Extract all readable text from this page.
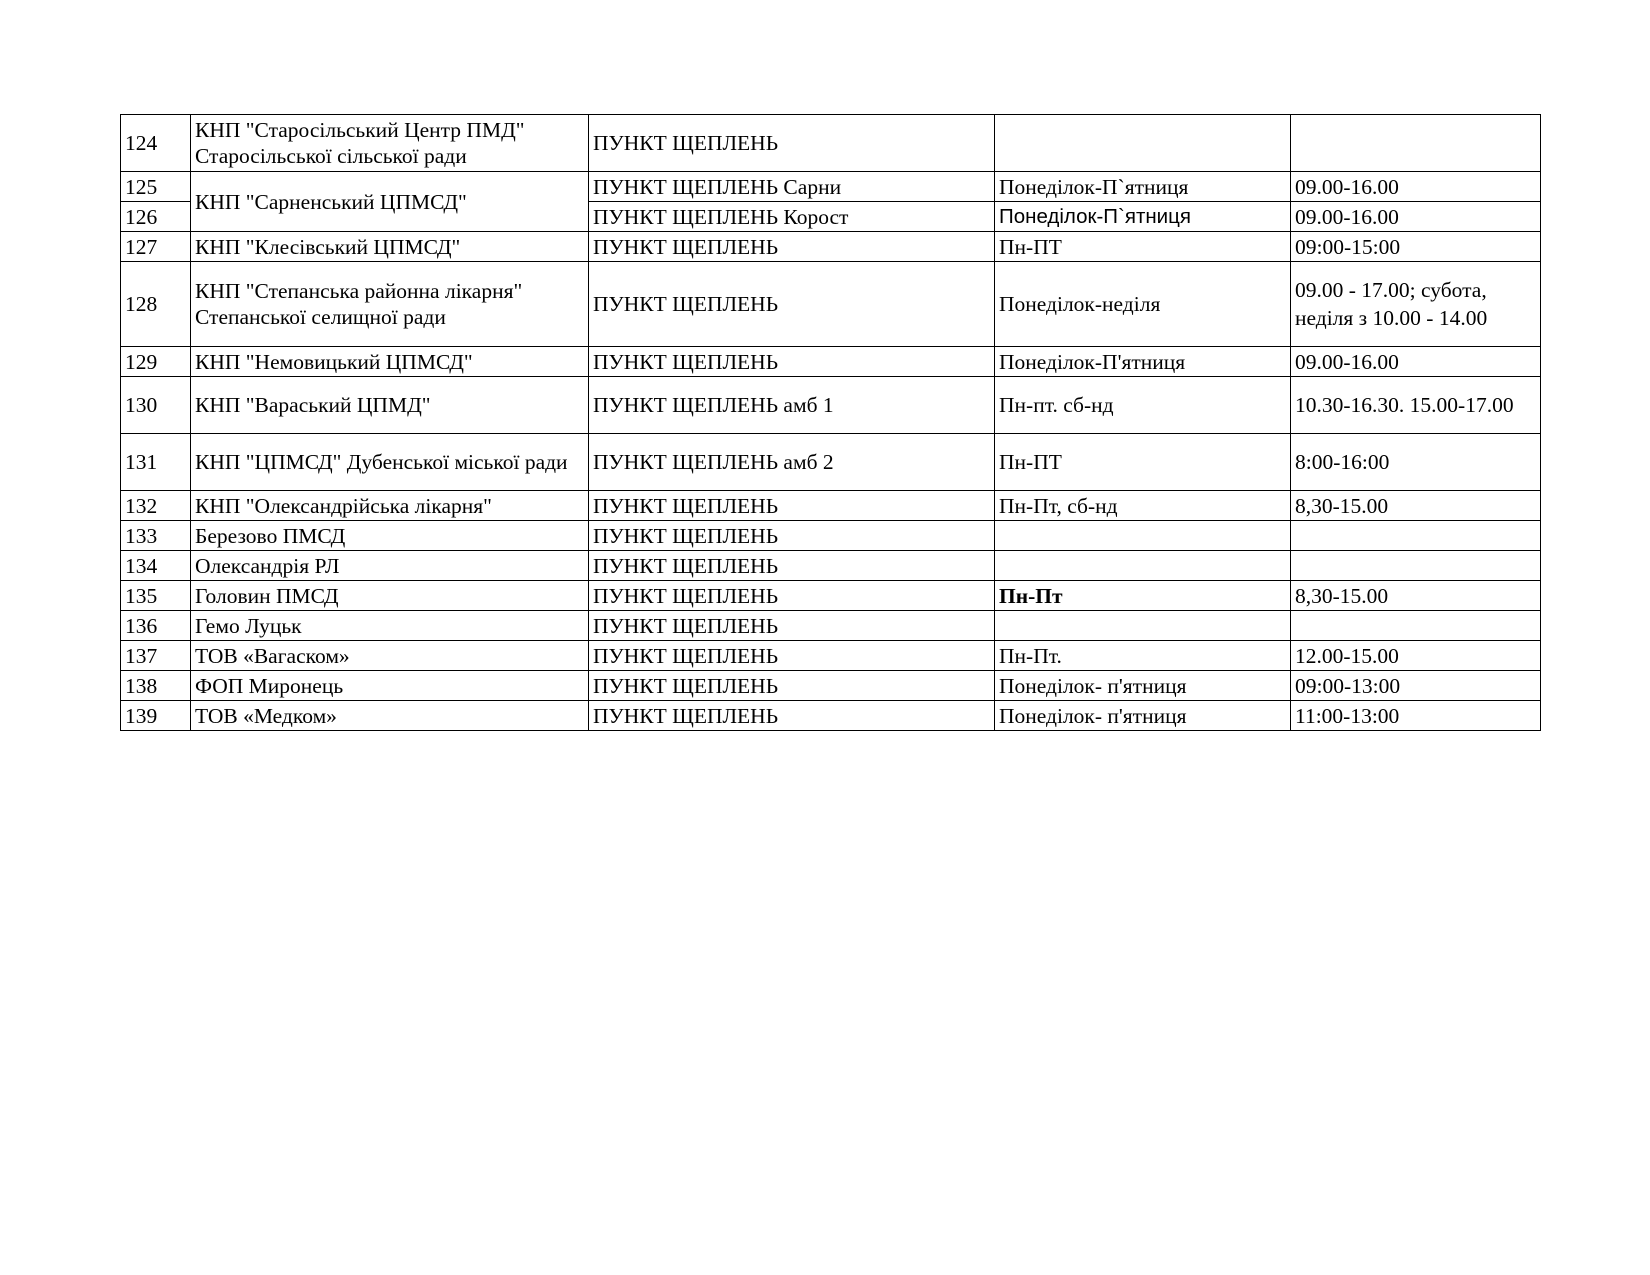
124	КНП "Старосільський Центр ПМД" Старосільської сільської ради	ПУНКТ ЩЕПЛЕНЬ		
125	КНП "Сарненський ЦПМСД"	ПУНКТ ЩЕПЛЕНЬ Сарни	Понеділок-П`ятниця	09.00-16.00
126		ПУНКТ ЩЕПЛЕНЬ Корост	Понеділок-П`ятниця	09.00-16.00
127	КНП "Клесівський ЦПМСД"	ПУНКТ ЩЕПЛЕНЬ	Пн-ПТ	09:00-15:00
128	КНП "Степанська районна лікарня" Степанської селищної ради	ПУНКТ ЩЕПЛЕНЬ	Понеділок-неділя	09.00 - 17.00; субота, неділя з 10.00 - 14.00
129	КНП "Немовицький ЦПМСД"	ПУНКТ ЩЕПЛЕНЬ	Понеділок-П'ятниця	09.00-16.00
130	КНП "Вараський ЦПМД"	ПУНКТ ЩЕПЛЕНЬ амб 1	Пн-пт. сб-нд	10.30-16.30. 15.00-17.00
131	КНП "ЦПМСД" Дубенської міської ради	ПУНКТ ЩЕПЛЕНЬ амб 2	Пн-ПТ	8:00-16:00
132	КНП "Олександрійська лікарня"	ПУНКТ ЩЕПЛЕНЬ	Пн-Пт, сб-нд	8,30-15.00
133	Березово ПМСД	ПУНКТ ЩЕПЛЕНЬ		
134	Олександрія РЛ	ПУНКТ ЩЕПЛЕНЬ		
135	Головин ПМСД	ПУНКТ ЩЕПЛЕНЬ	Пн-Пт	8,30-15.00
136	Гемо Луцьк	ПУНКТ ЩЕПЛЕНЬ		
137	ТОВ «Вагаском»	ПУНКТ ЩЕПЛЕНЬ	Пн-Пт.	12.00-15.00
138	ФОП Миронець	ПУНКТ ЩЕПЛЕНЬ	Понеділок- п'ятниця	09:00-13:00
139	ТОВ «Медком»	ПУНКТ ЩЕПЛЕНЬ	Понеділок- п'ятниця	11:00-13:00
